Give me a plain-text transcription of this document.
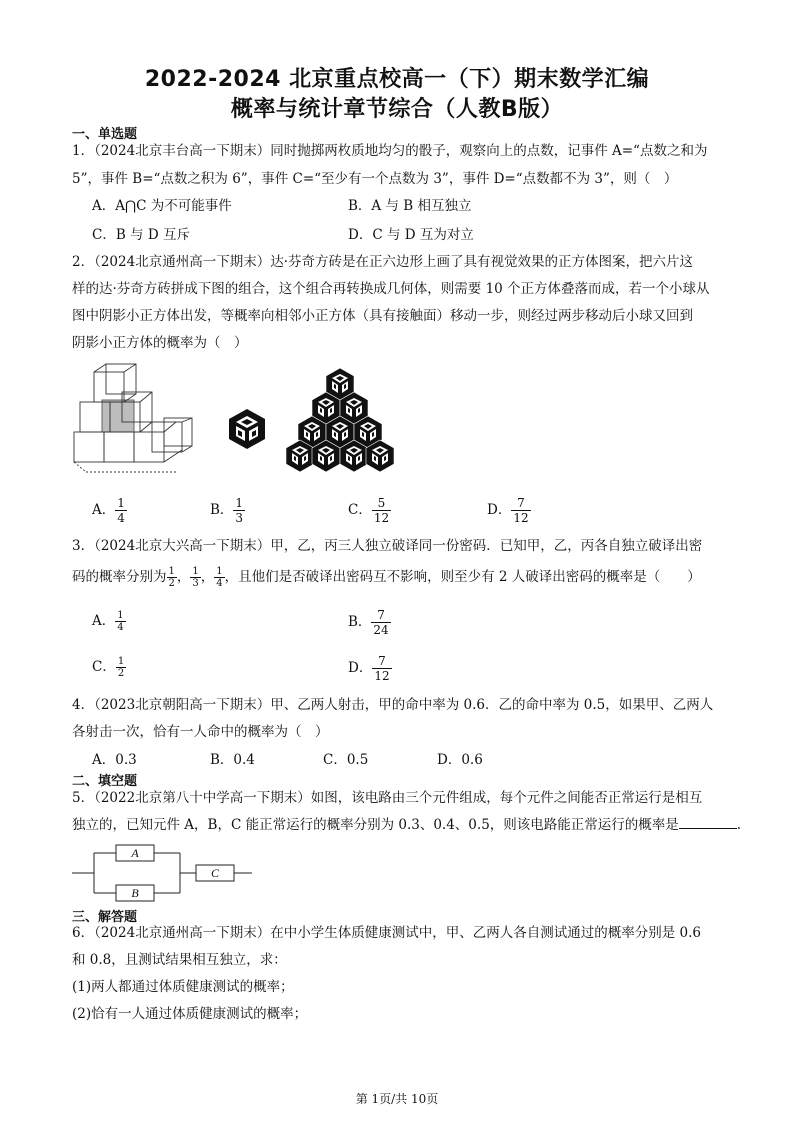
2022-2024 北京重点校高一（下）期末数学汇编
概率与统计章节综合（人教B版）
一、单选题
1．（2024北京丰台高一下期末）同时抛掷两枚质地均匀的骰子，观察向上的点数，记事件 A=“点数之和为
5”，事件 B=“点数之积为 6”，事件 C=“至少有一个点数为 3”，事件 D=“点数都不为 3”，则（　）
A．A⋂C 为不可能事件	B．A 与 B 相互独立
C．B 与 D 互斥	D．C 与 D 互为对立
2．（2024北京通州高一下期末）达·芬奇方砖是在正六边形上画了具有视觉效果的正方体图案，把六片这
样的达·芬奇方砖拼成下图的组合，这个组合再转换成几何体，则需要 10 个正方体叠落而成，若一个小球从
图中阴影小正方体出发，等概率向相邻小正方体（具有接触面）移动一步，则经过两步移动后小球又回到
阴影小正方体的概率为（　）
A． $\frac{1}{4}$	B． $\frac{1}{3}$	C． $\frac{5}{12}$	D． $\frac{7}{12}$
3．（2024北京大兴高一下期末）甲，乙，丙三人独立破译同一份密码．已知甲，乙，丙各自独立破译出密
码的概率分别为 $\frac{1}{2}$ ， $\frac{1}{3}$ ， $\frac{1}{4}$ ，且他们是否破译出密码互不影响，则至少有 2 人破译出密码的概率是（　　）
A． $\frac{1}{4}$	B． $\frac{7}{24}$
C． $\frac{1}{2}$	D． $\frac{7}{12}$
4．（2023北京朝阳高一下期末）甲、乙两人射击，甲的命中率为 0.6．乙的命中率为 0.5，如果甲、乙两人
各射击一次，恰有一人命中的概率为（　）
A．0.3	B．0.4	C．0.5	D．0.6
二、填空题
5．（2022北京第八十中学高一下期末）如图，该电路由三个元件组成，每个元件之间能否正常运行是相互
独立的，已知元件 A，B，C 能正常运行的概率分别为 0.3、0.4、0.5，则该电路能正常运行的概率是	.
A
B
C
三、解答题
6．（2024北京通州高一下期末）在中小学生体质健康测试中，甲、乙两人各自测试通过的概率分别是 0.6
和 0.8，且测试结果相互独立，求：
(1)两人都通过体质健康测试的概率；
(2)恰有一人通过体质健康测试的概率；
第 1页/共 10页
